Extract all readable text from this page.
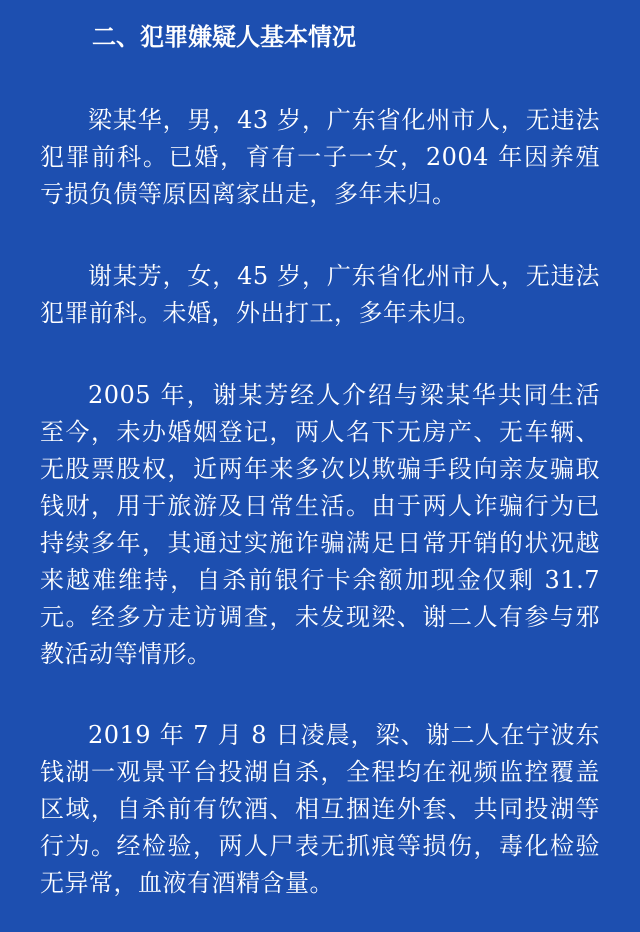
二、犯罪嫌疑人基本情况

梁某华，男，43 岁，广东省化州市人，无违法犯罪前科。已婚，育有一子一女，2004 年因养殖亏损负债等原因离家出走，多年未归。

谢某芳，女，45 岁，广东省化州市人，无违法犯罪前科。未婚，外出打工，多年未归。

2005 年，谢某芳经人介绍与梁某华共同生活至今，未办婚姻登记，两人名下无房产、无车辆、无股票股权，近两年来多次以欺骗手段向亲友骗取钱财，用于旅游及日常生活。由于两人诈骗行为已持续多年，其通过实施诈骗满足日常开销的状况越来越难维持，自杀前银行卡余额加现金仅剩 31.7 元。经多方走访调查，未发现梁、谢二人有参与邪教活动等情形。

2019 年 7 月 8 日凌晨，梁、谢二人在宁波东钱湖一观景平台投湖自杀，全程均在视频监控覆盖区域，自杀前有饮酒、相互捆连外套、共同投湖等行为。经检验，两人尸表无抓痕等损伤，毒化检验无异常，血液有酒精含量。
